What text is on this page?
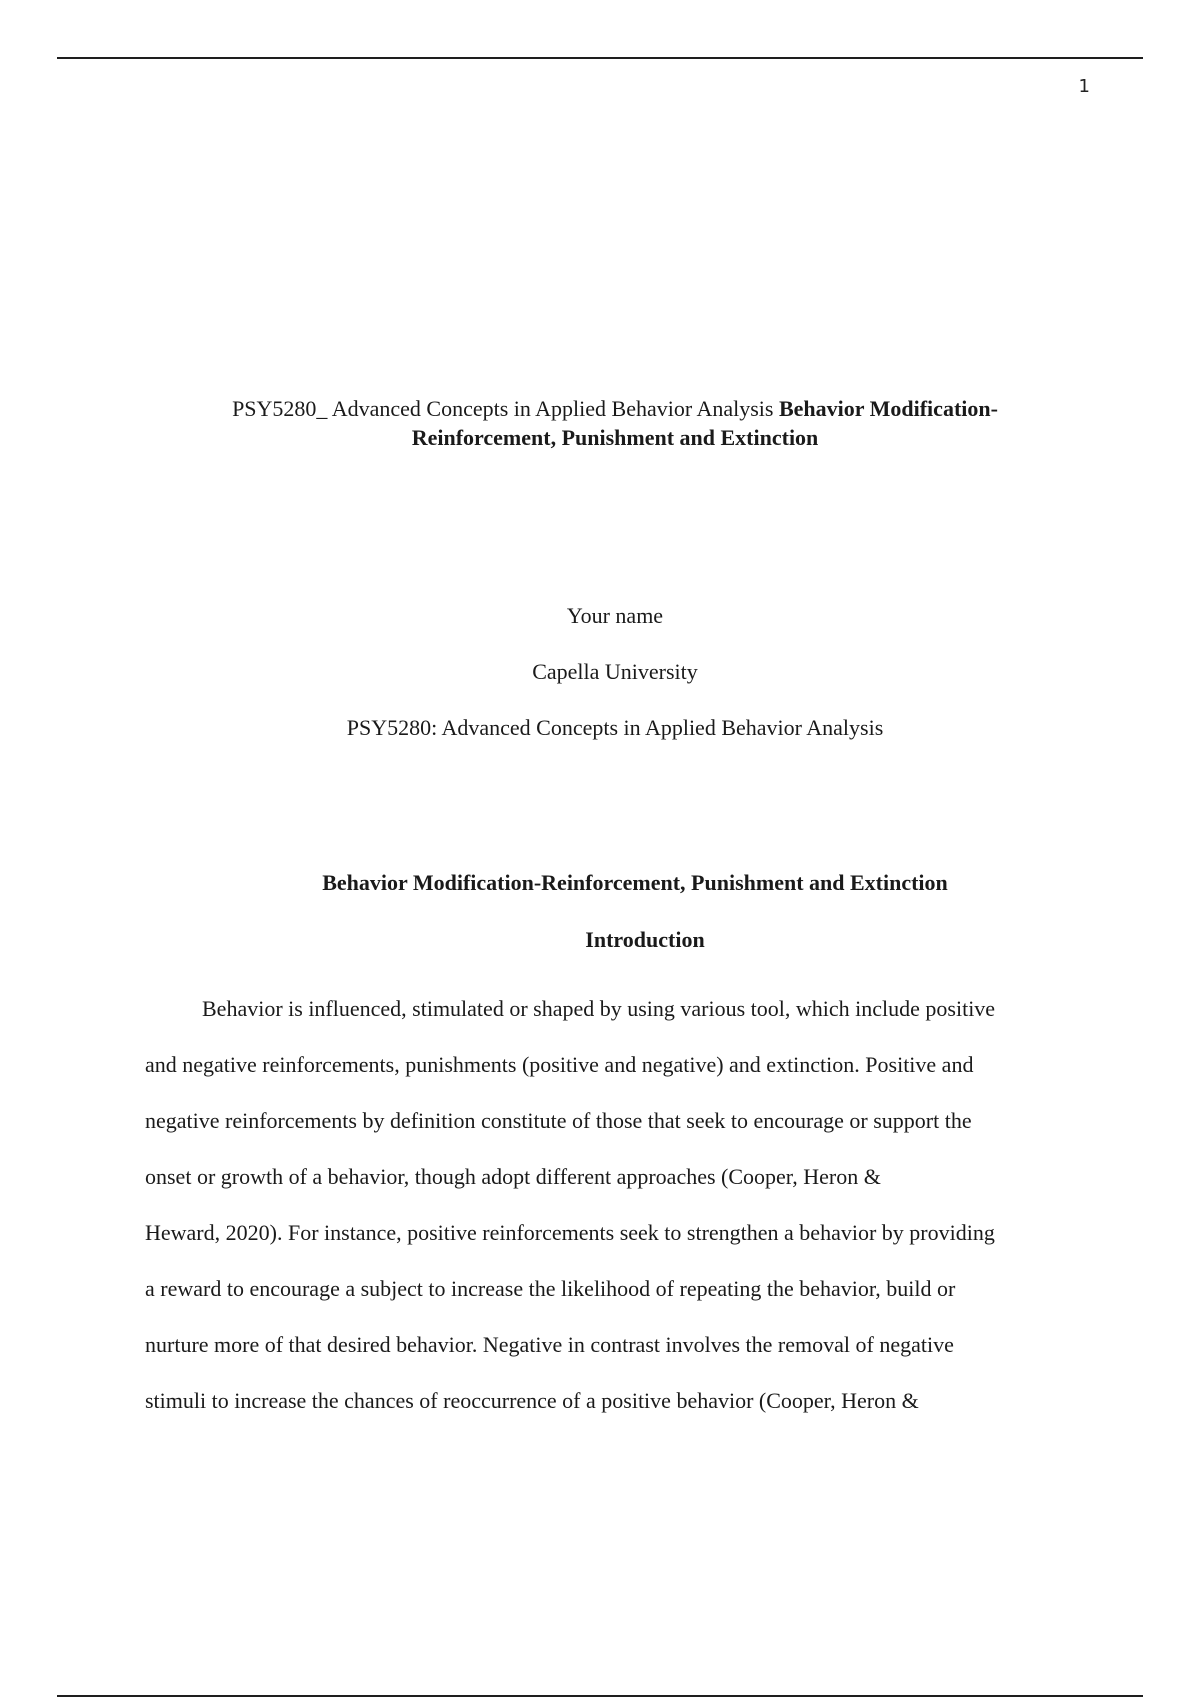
1
PSY5280_ Advanced Concepts in Applied Behavior Analysis Behavior Modification-
Reinforcement, Punishment and Extinction
Your name
Capella University
PSY5280: Advanced Concepts in Applied Behavior Analysis
Behavior Modification-Reinforcement, Punishment and Extinction
Introduction
Behavior is influenced, stimulated or shaped by using various tool, which include positive
and negative reinforcements, punishments (positive and negative) and extinction. Positive and
negative reinforcements by definition constitute of those that seek to encourage or support the
onset or growth of a behavior, though adopt different approaches (Cooper, Heron &
Heward, 2020). For instance, positive reinforcements seek to strengthen a behavior by providing
a reward to encourage a subject to increase the likelihood of repeating the behavior, build or
nurture more of that desired behavior. Negative in contrast involves the removal of negative
stimuli to increase the chances of reoccurrence of a positive behavior (Cooper, Heron &
